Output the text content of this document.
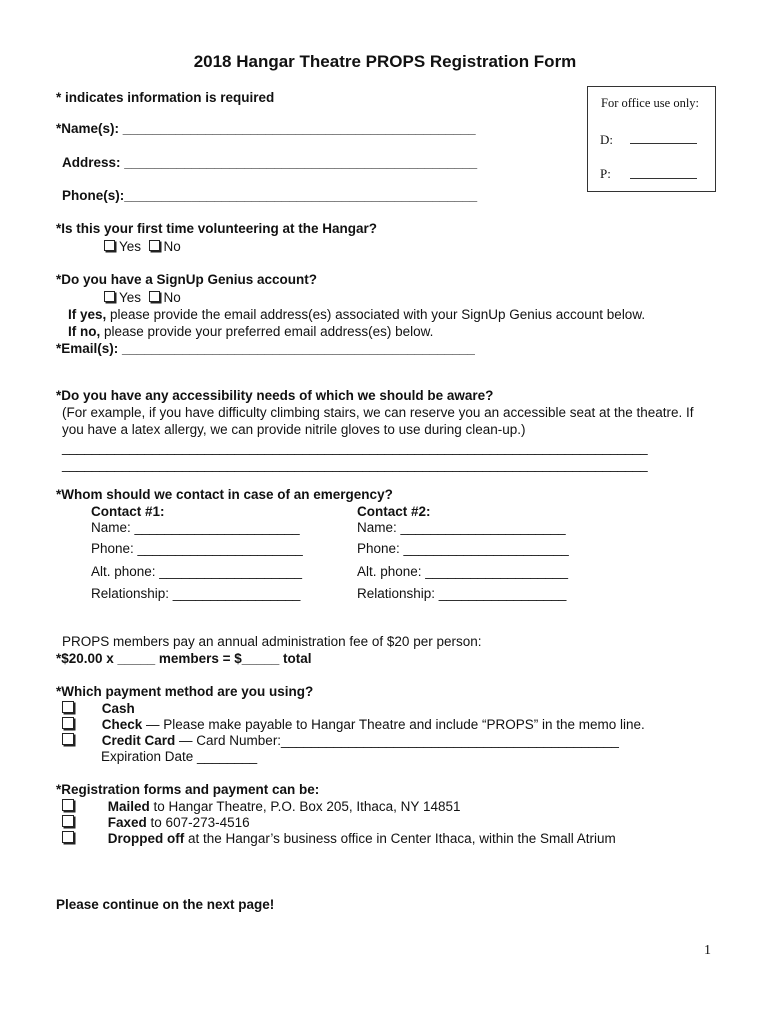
2018 Hangar Theatre PROPS Registration Form
* indicates information is required	For office use only:
D:
P:
*Name(s): _______________________________________________
Address: _______________________________________________
Phone(s):_______________________________________________
*Is this your first time volunteering at the Hangar?
Yes No
*Do you have a SignUp Genius account?
Yes No
If yes, please provide the email address(es) associated with your SignUp Genius account below.
If no, please provide your preferred email address(es) below.
*Email(s): _______________________________________________
*Do you have any accessibility needs of which we should be aware?
(For example, if you have difficulty climbing stairs, we can reserve you an accessible seat at the theatre. If
you have a latex allergy, we can provide nitrile gloves to use during clean-up.)
______________________________________________________________________________
______________________________________________________________________________
*Whom should we contact in case of an emergency?
Contact #1:
Name: ______________________
Phone: ______________________
Alt. phone: ___________________
Relationship: _________________
Contact #2:
Name: ______________________
Phone: ______________________
Alt. phone: ___________________
Relationship: _________________
PROPS members pay an annual administration fee of $20 per person:
*$20.00 x _____ members = $_____ total
*Which payment method are you using?
Cash
Check — Please make payable to Hangar Theatre and include “PROPS” in the memo line.
Credit Card — Card Number:_____________________________________________
Expiration Date ________
*Registration forms and payment can be:
Mailed to Hangar Theatre, P.O. Box 205, Ithaca, NY 14851
Faxed to 607-273-4516
Dropped off at the Hangar’s business office in Center Ithaca, within the Small Atrium
Please continue on the next page!
1
